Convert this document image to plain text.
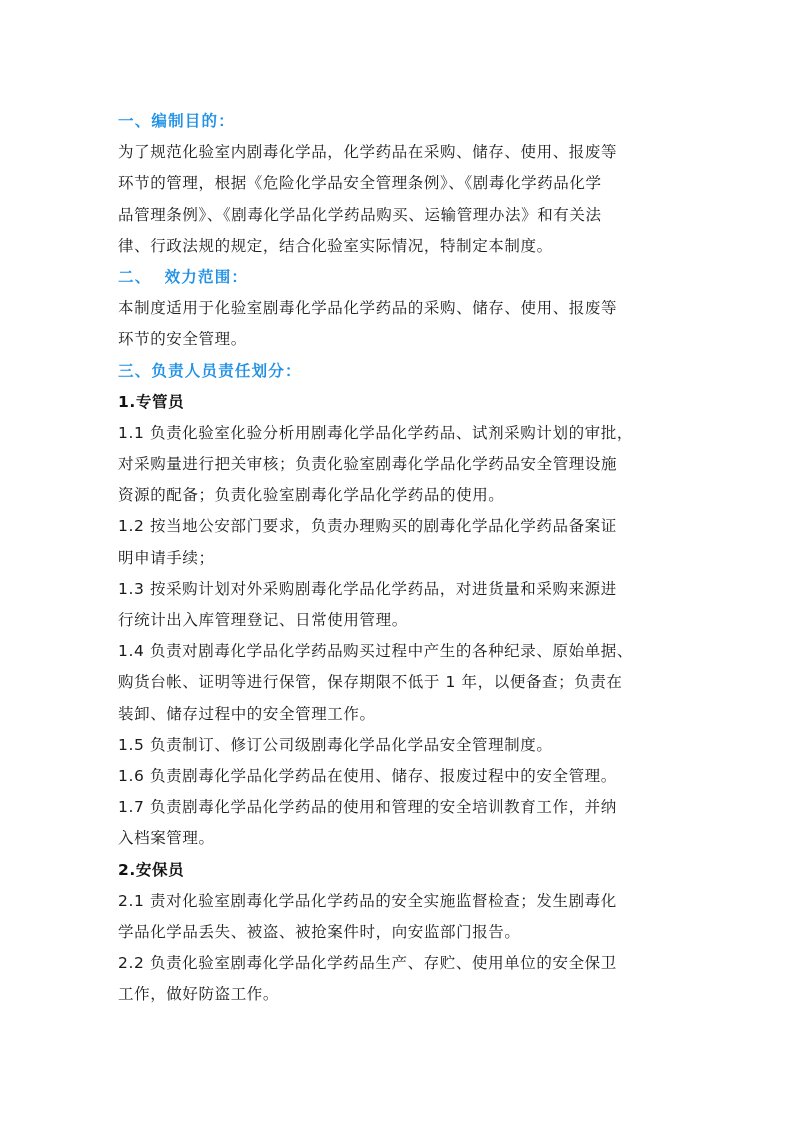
一、编制目的：
为了规范化验室内剧毒化学品，化学药品在采购、储存、使用、报废等
环节的管理，根据《危险化学品安全管理条例》、《剧毒化学药品化学
品管理条例》、《剧毒化学品化学药品购买、运输管理办法》和有关法
律、行政法规的规定，结合化验室实际情况，特制定本制度。
二、  效力范围：
本制度适用于化验室剧毒化学品化学药品的采购、储存、使用、报废等
环节的安全管理。
三、负责人员责任划分：
1.专管员
1.1 负责化验室化验分析用剧毒化学品化学药品、试剂采购计划的审批，
对采购量进行把关审核；负责化验室剧毒化学品化学药品安全管理设施
资源的配备；负责化验室剧毒化学品化学药品的使用。
1.2 按当地公安部门要求，负责办理购买的剧毒化学品化学药品备案证
明申请手续；
1.3 按采购计划对外采购剧毒化学品化学药品，对进货量和采购来源进
行统计出入库管理登记、日常使用管理。
1.4 负责对剧毒化学品化学药品购买过程中产生的各种纪录、原始单据、
购货台帐、证明等进行保管，保存期限不低于 1 年，以便备查；负责在
装卸、储存过程中的安全管理工作。
1.5 负责制订、修订公司级剧毒化学品化学品安全管理制度。
1.6 负责剧毒化学品化学药品在使用、储存、报废过程中的安全管理。
1.7 负责剧毒化学品化学药品的使用和管理的安全培训教育工作，并纳
入档案管理。
2.安保员
2.1 责对化验室剧毒化学品化学药品的安全实施监督检查；发生剧毒化
学品化学品丢失、被盗、被抢案件时，向安监部门报告。
2.2 负责化验室剧毒化学品化学药品生产、存贮、使用单位的安全保卫
工作，做好防盗工作。
